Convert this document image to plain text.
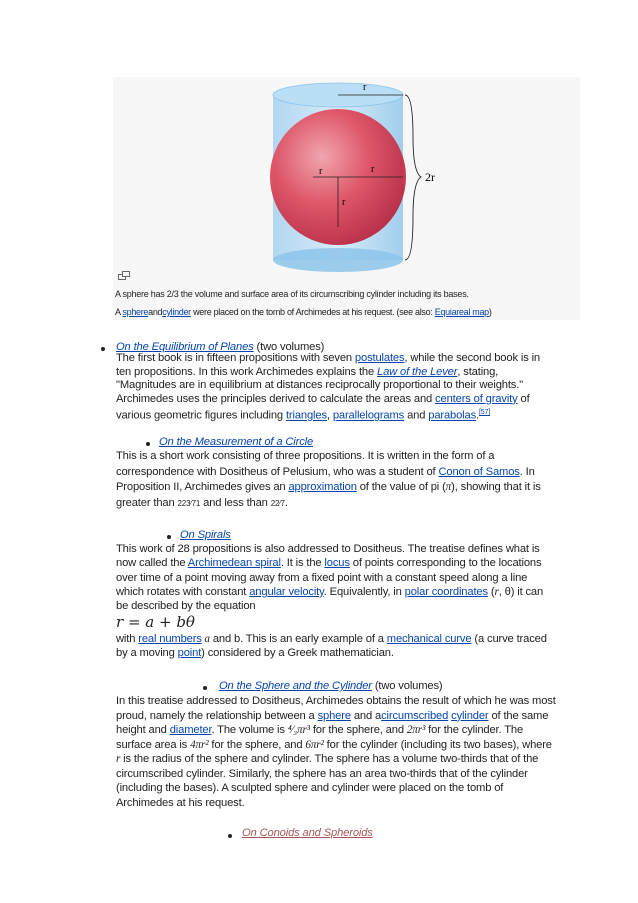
r
r
r
r
2r
A sphere has 2/3 the volume and surface area of its circumscribing cylinder including its bases.
A sphereandcylinder were placed on the tomb of Archimedes at his request. (see also: Equiareal map)
On the Equilibrium of Planes (two volumes)

The first book is in fifteen propositions with seven postulates, while the second book is in ten propositions. In this work Archimedes explains the Law of the Lever, stating, "Magnitudes are in equilibrium at distances reciprocally proportional to their weights."

Archimedes uses the principles derived to calculate the areas and centers of gravity of various geometric figures including triangles, parallelograms and parabolas.[57]

On the Measurement of a Circle

This is a short work consisting of three propositions. It is written in the form of a correspondence with Dositheus of Pelusium, who was a student of Conon of Samos. In Proposition II, Archimedes gives an approximation of the value of pi (π), showing that it is greater than $^{223⁄71}$ and less than $^{22⁄7}$.

On Spirals

This work of 28 propositions is also addressed to Dositheus. The treatise defines what is now called the Archimedean spiral. It is the locus of points corresponding to the locations over time of a point moving away from a fixed point with a constant speed along a line which rotates with constant angular velocity. Equivalently, in polar coordinates (r, θ) it can be described by the equation

r = a + bθ

with real numbers a and b. This is an early example of a mechanical curve (a curve traced by a moving point) considered by a Greek mathematician.

On the Sphere and the Cylinder (two volumes)

In this treatise addressed to Dositheus, Archimedes obtains the result of which he was most proud, namely the relationship between a sphere and acircumscribed cylinder of the same height and diameter. The volume is ⁴⁄₃πr³ for the sphere, and 2πr³ for the cylinder. The surface area is 4πr² for the sphere, and 6πr² for the cylinder (including its two bases), where r is the radius of the sphere and cylinder. The sphere has a volume two-thirds that of the circumscribed cylinder. Similarly, the sphere has an area two-thirds that of the cylinder (including the bases). A sculpted sphere and cylinder were placed on the tomb of Archimedes at his request.

On Conoids and Spheroids
